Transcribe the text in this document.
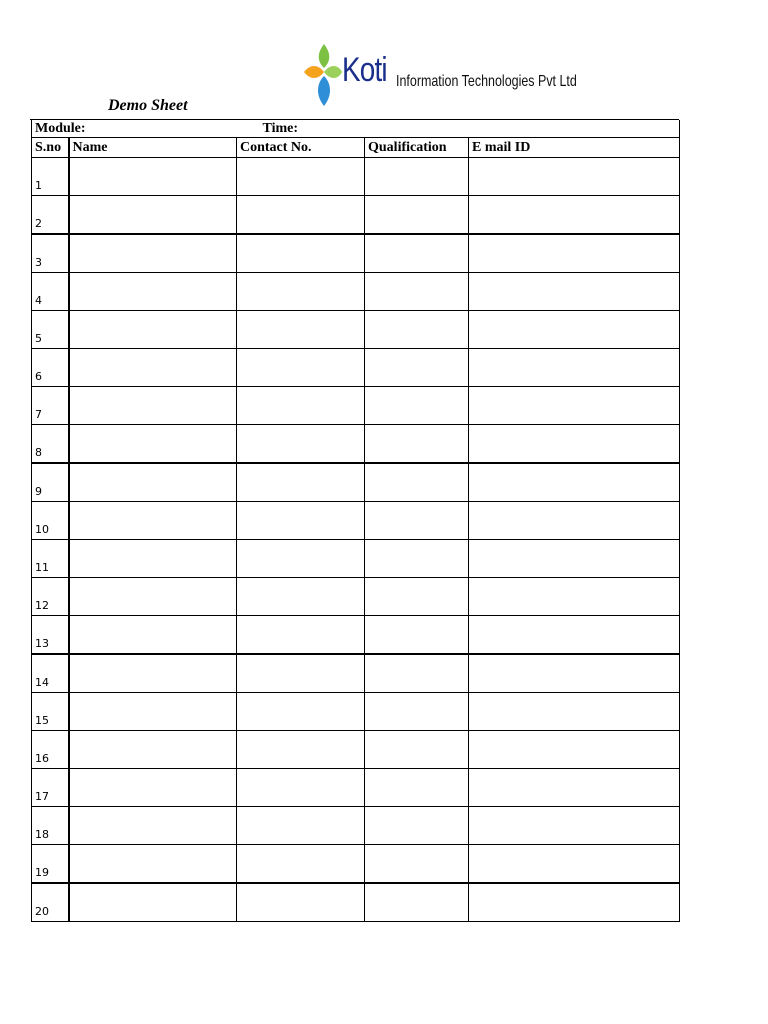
Koti Information Technologies Pvt Ltd
Demo Sheet
Module:		Time:		
S.no	Name	Contact No.	Qualification	E mail ID
1				
2				
3				
4				
5				
6				
7				
8				
9				
10				
11				
12				
13				
14				
15				
16				
17				
18				
19				
20				
